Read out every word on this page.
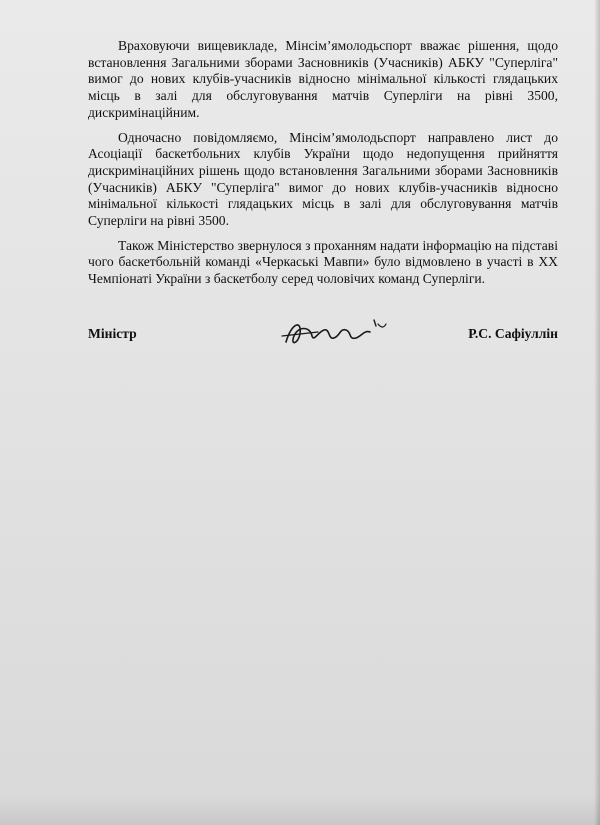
Враховуючи вищевикладе, Мінсім’ямолодьспорт вважає рішення, щодо встановлення Загальними зборами Засновників (Учасників) АБКУ "Суперліга" вимог до нових клубів-учасників відносно мінімальної кількості глядацьких місць в залі для обслуговування матчів Суперліги на рівні 3500, дискримінаційним.

Одночасно повідомляємо, Мінсім’ямолодьспорт направлено лист до Асоціації баскетбольних клубів України щодо недопущення прийняття дискримінаційних рішень щодо встановлення Загальними зборами Засновників (Учасників) АБКУ "Суперліга" вимог до нових клубів-учасників відносно мінімальної кількості глядацьких місць в залі для обслуговування матчів Суперліги на рівні 3500.

Також Міністерство звернулося з проханням надати інформацію на підставі чого баскетбольній команді «Черкаські Мавпи» було відмовлено в участі в ХХ Чемпіонаті України з баскетболу серед чоловічих команд Суперліги.

Міністр	Р.С. Сафіуллін
